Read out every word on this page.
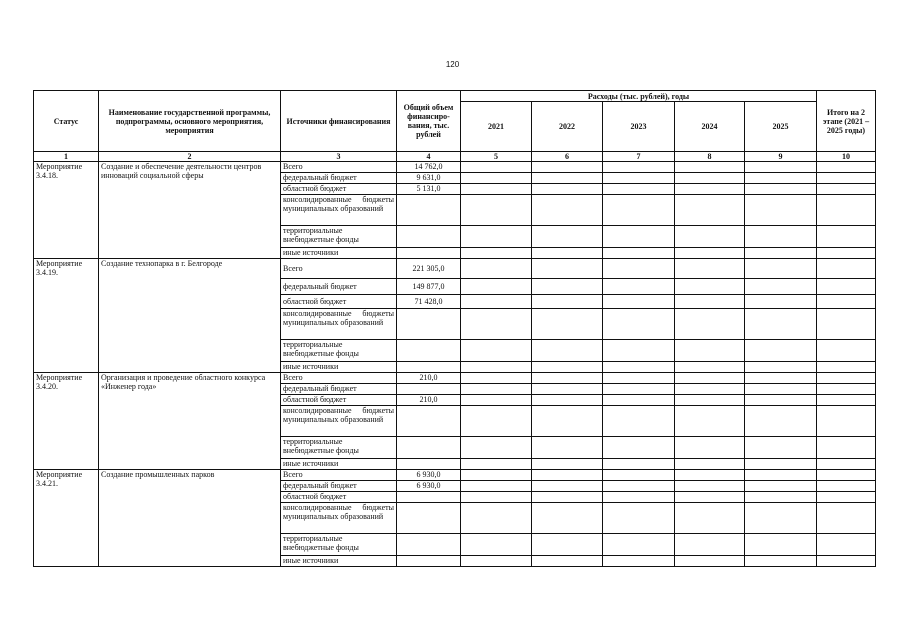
120
Статус	Наименование государственной программы, подпрограммы, основного мероприятия, мероприятия	Источники финансирования	Общий объем финансиро-вания, тыс. рублей	Расходы (тыс. рублей), годы					Итого на 2 этапе (2021 – 2025 годы)
				2021	2022	2023	2024	2025	
1	2	3	4	5	6	7	8	9	10
Мероприятие 3.4.18.	Создание и обеспечение деятельности центров инноваций социальной сферы	Всего	14 762,0						
		федеральный бюджет	9 631,0						
		областной бюджет	5 131,0						
		консолидированные бюджеты муниципальных образований							
		территориальные внебюджетные фонды							
		иные источники							
Мероприятие 3.4.19.	Создание технопарка в г. Белгороде	Всего	221 305,0						
		федеральный бюджет	149 877,0						
		областной бюджет	71 428,0						
		консолидированные бюджеты муниципальных образований							
		территориальные внебюджетные фонды							
		иные источники							
Мероприятие 3.4.20.	Организация и проведение областного конкурса «Инженер года»	Всего	210,0						
		федеральный бюджет							
		областной бюджет	210,0						
		консолидированные бюджеты муниципальных образований							
		территориальные внебюджетные фонды							
		иные источники							
Мероприятие 3.4.21.	Создание промышленных парков	Всего	6 930,0						
		федеральный бюджет	6 930,0						
		областной бюджет							
		консолидированные бюджеты муниципальных образований							
		территориальные внебюджетные фонды							
		иные источники							
